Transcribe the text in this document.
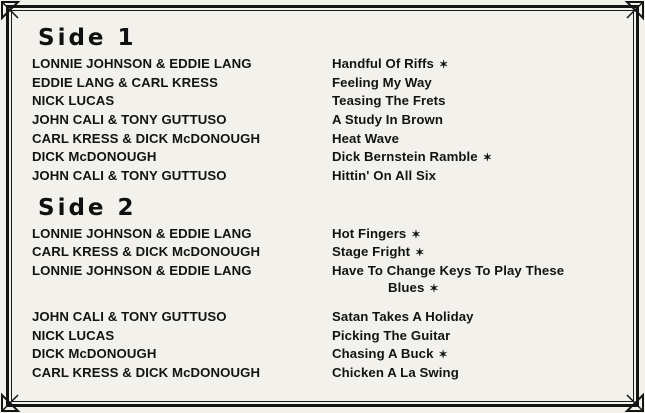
Side 1
LONNIE JOHNSON & EDDIE LANG	Handful Of Riffs ✶
EDDIE LANG & CARL KRESS	Feeling My Way
NICK LUCAS	Teasing The Frets
JOHN CALI & TONY GUTTUSO	A Study In Brown
CARL KRESS & DICK McDONOUGH	Heat Wave
DICK McDONOUGH	Dick Bernstein Ramble ✶
JOHN CALI & TONY GUTTUSO	Hittin' On All Six
Side 2
LONNIE JOHNSON & EDDIE LANG	Hot Fingers ✶
CARL KRESS & DICK McDONOUGH	Stage Fright ✶
LONNIE JOHNSON & EDDIE LANG	Have To Change Keys To Play These
Blues ✶

JOHN CALI & TONY GUTTUSO	Satan Takes A Holiday
NICK LUCAS	Picking The Guitar
DICK McDONOUGH	Chasing A Buck ✶
CARL KRESS & DICK McDONOUGH	Chicken A La Swing
